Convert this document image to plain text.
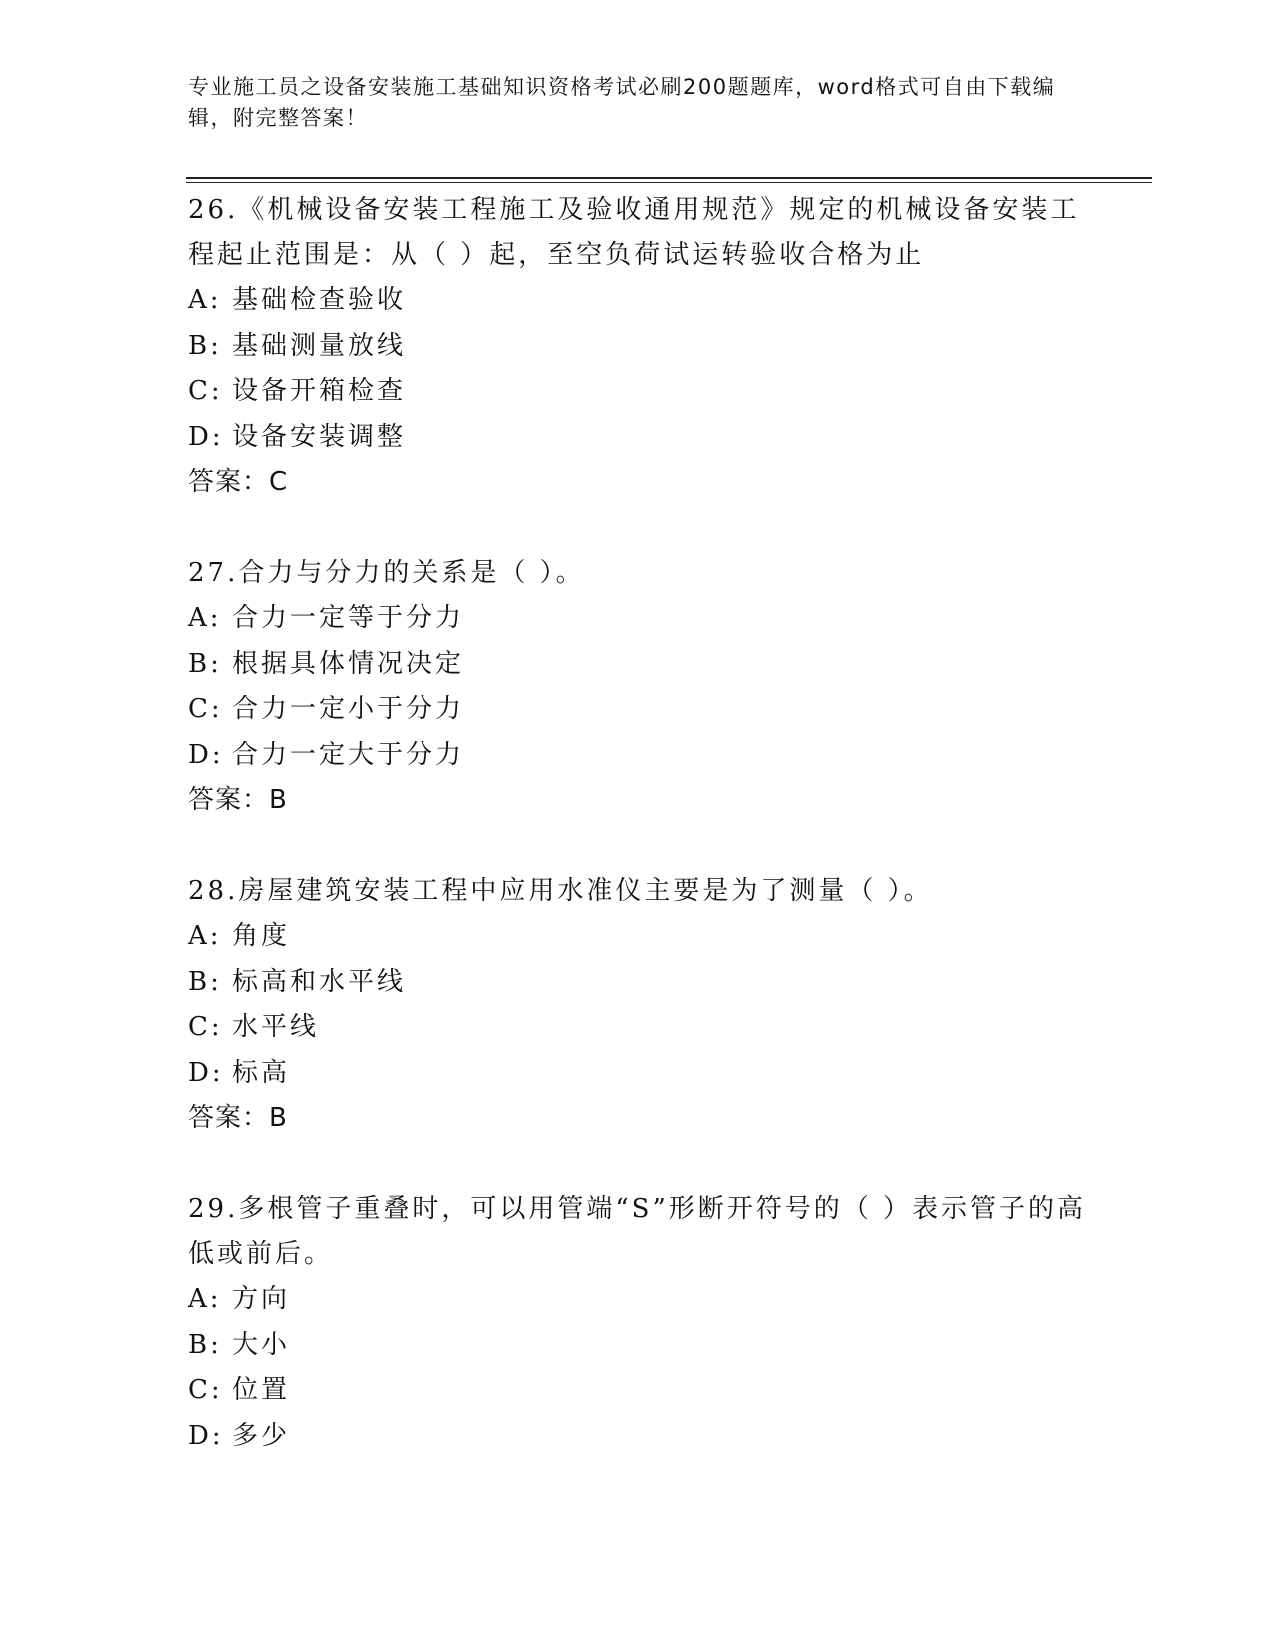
专业施工员之设备安装施工基础知识资格考试必刷200题题库，word格式可自由下载编辑，附完整答案！

26.《机械设备安装工程施工及验收通用规范》规定的机械设备安装工程起止范围是：从（ ）起，至空负荷试运转验收合格为止

A: 基础检查验收
B: 基础测量放线
C: 设备开箱检查
D: 设备安装调整

答案：C

27.合力与分力的关系是（ ）。

A: 合力一定等于分力
B: 根据具体情况决定
C: 合力一定小于分力
D: 合力一定大于分力

答案：B

28.房屋建筑安装工程中应用水准仪主要是为了测量（ ）。

A: 角度
B: 标高和水平线
C: 水平线
D: 标高

答案：B

29.多根管子重叠时，可以用管端“S”形断开符号的（ ）表示管子的高低或前后。

A: 方向
B: 大小
C: 位置
D: 多少
